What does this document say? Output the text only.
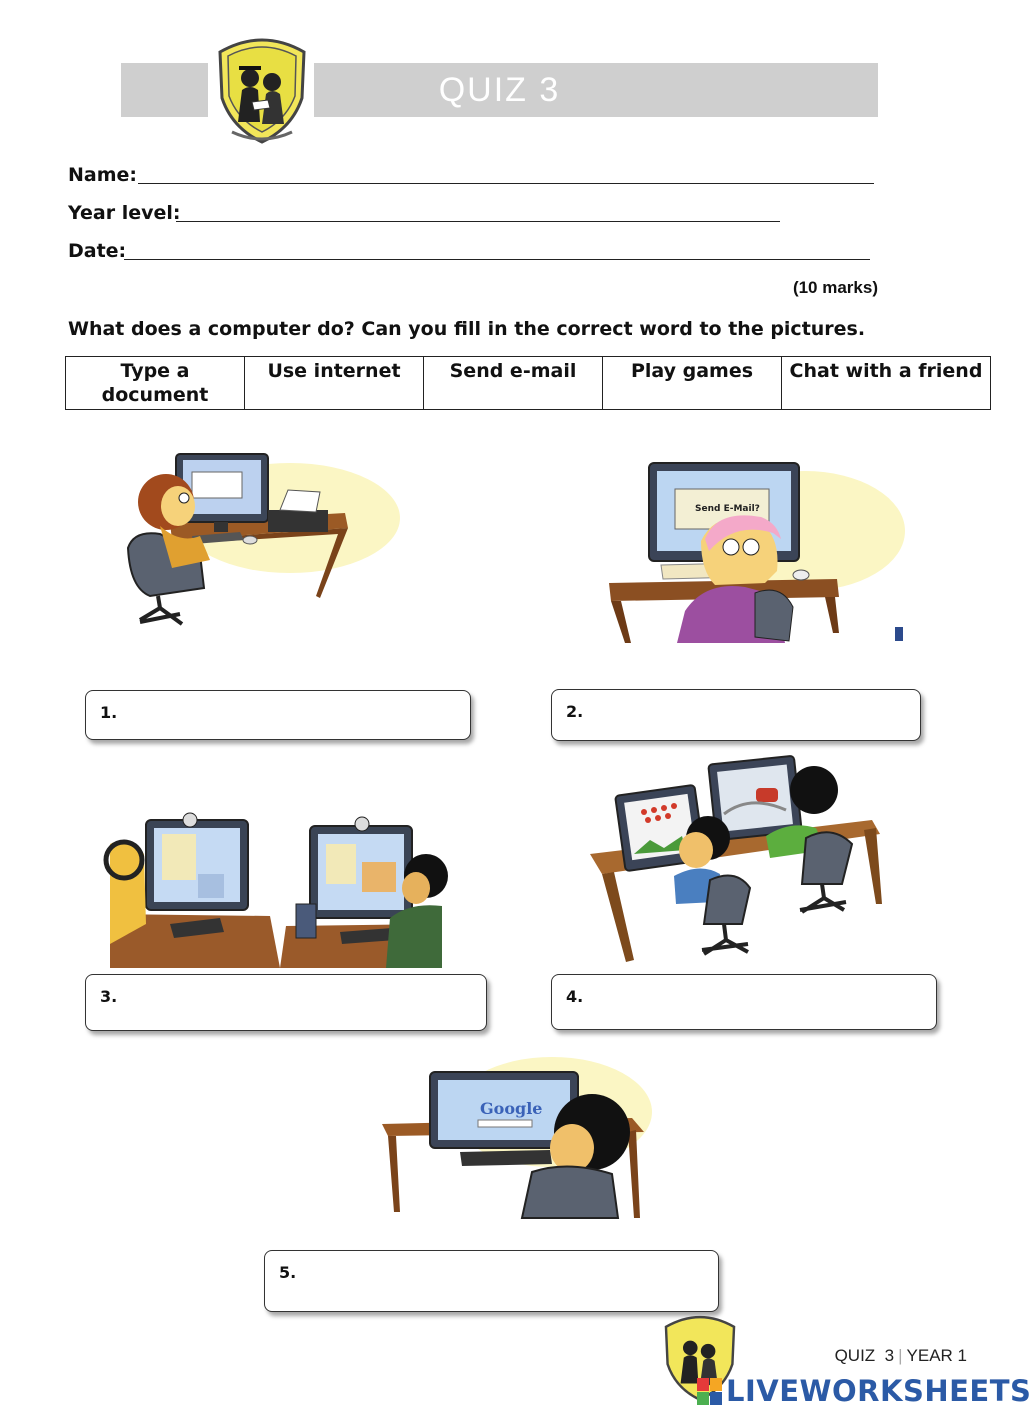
QUIZ 3
Name:
Year level:
Date:
(10 marks)
What does a computer do? Can you fill in the correct word to the pictures.
Type a document	Use internet	Send e-mail	Play games	Chat with a friend
Send E-Mail?
1.	2.
3.	4.
Google
5.
QUIZ  3 | YEAR 1
LIVEWORKSHEETS
